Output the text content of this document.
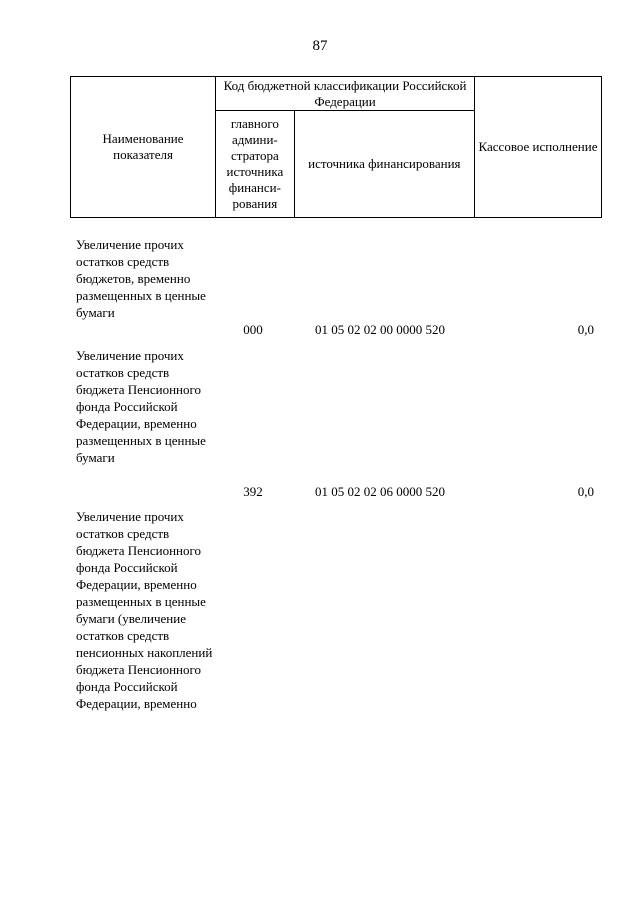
87
Наименование показателя	Код бюджетной классификации Российской Федерации		Кассовое исполнение
	главного админи-стратора источника финанси-рования	источника финансирования	
Увеличение прочих остатков средств бюджетов, временно размещенных в ценные бумаги
000	01 05 02 02 00 0000 520	0,0
Увеличение прочих остатков средств бюджета Пенсионного фонда Российской Федерации, временно размещенных в ценные бумаги
392	01 05 02 02 06 0000 520	0,0
Увеличение прочих остатков средств бюджета Пенсионного фонда Российской Федерации, временно размещенных в ценные бумаги (увеличение остатков средств пенсионных накоплений бюджета Пенсионного фонда Российской Федерации, временно
